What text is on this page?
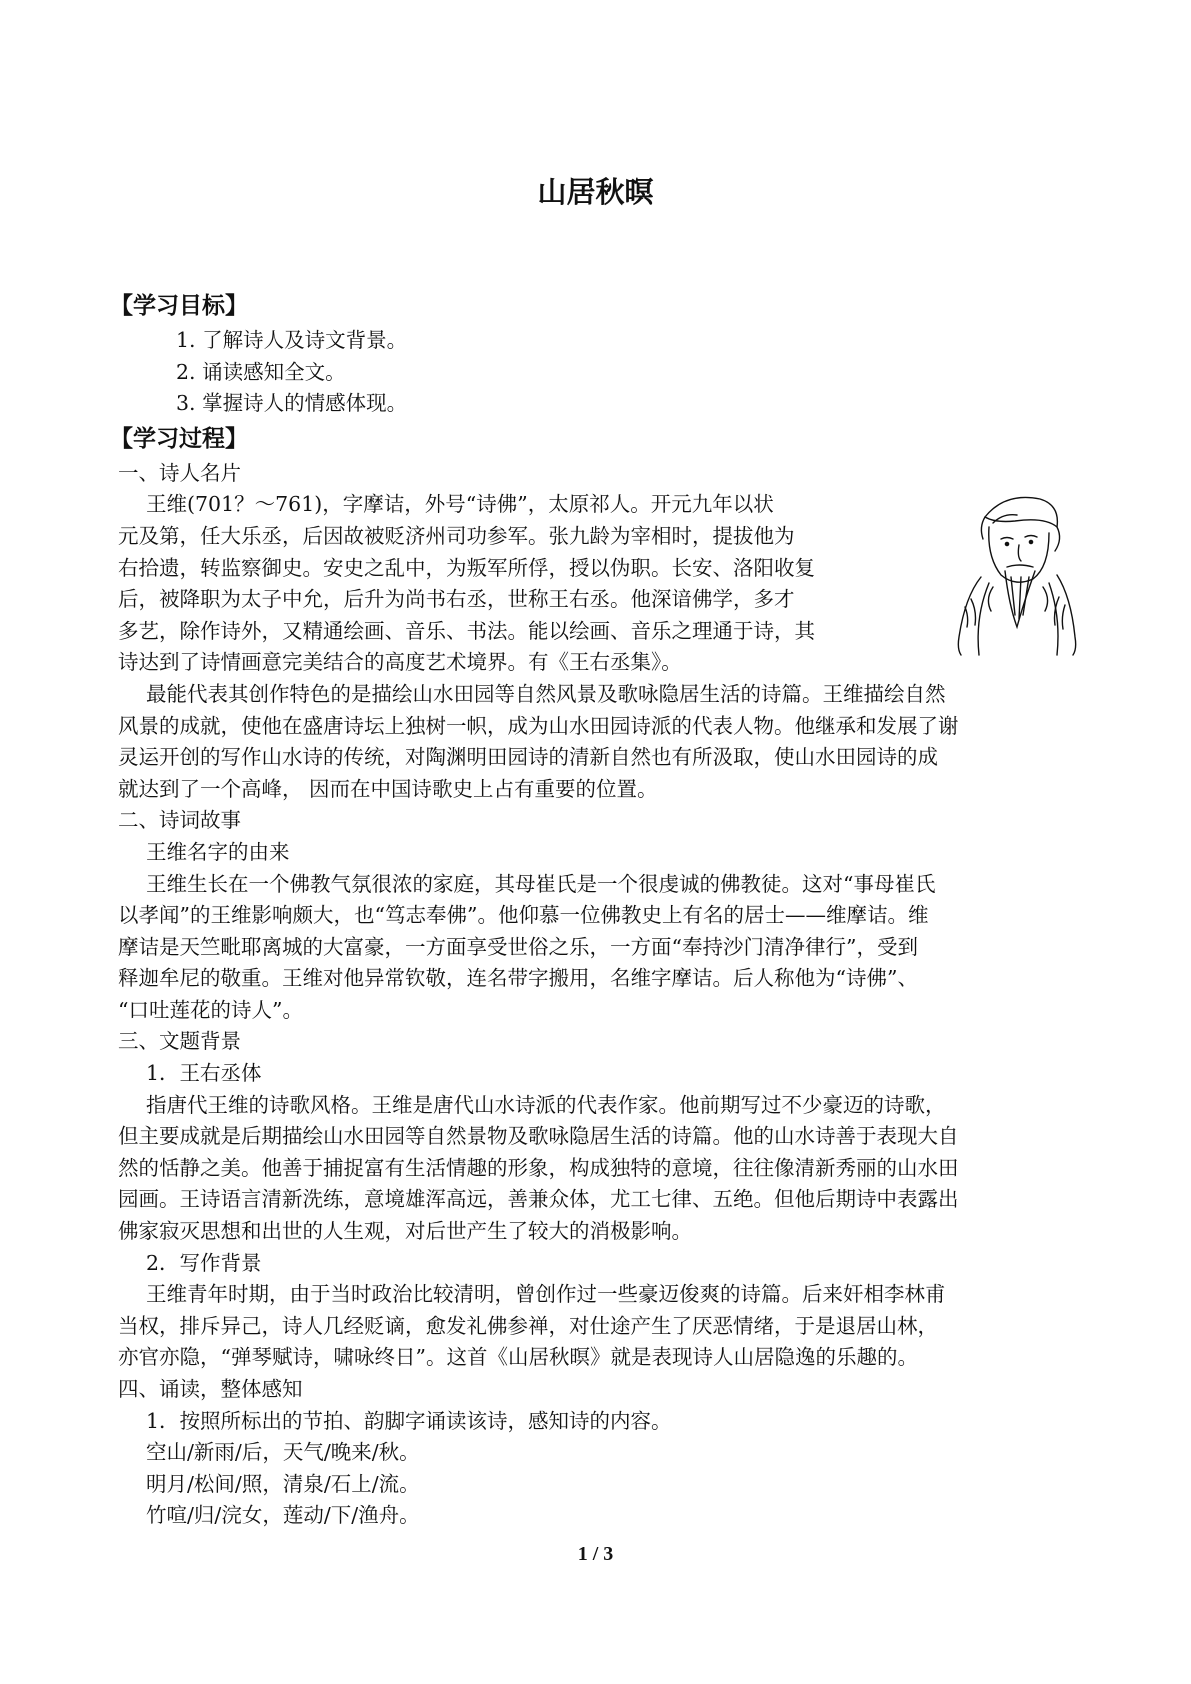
山居秋暝
【学习目标】
1. 了解诗人及诗文背景。
2. 诵读感知全文。
3. 掌握诗人的情感体现。
【学习过程】
一、诗人名片
王维(701？～761)，字摩诘，外号“诗佛”，太原祁人。开元九年以状
元及第，任大乐丞，后因故被贬济州司功参军。张九龄为宰相时，提拔他为
右拾遗，转监察御史。安史之乱中，为叛军所俘，授以伪职。长安、洛阳收复
后，被降职为太子中允，后升为尚书右丞，世称王右丞。他深谙佛学，多才
多艺，除作诗外，又精通绘画、音乐、书法。能以绘画、音乐之理通于诗，其
诗达到了诗情画意完美结合的高度艺术境界。有《王右丞集》。
最能代表其创作特色的是描绘山水田园等自然风景及歌咏隐居生活的诗篇。王维描绘自然
风景的成就，使他在盛唐诗坛上独树一帜，成为山水田园诗派的代表人物。他继承和发展了谢
灵运开创的写作山水诗的传统，对陶渊明田园诗的清新自然也有所汲取，使山水田园诗的成
就达到了一个高峰， 因而在中国诗歌史上占有重要的位置。
二、诗词故事
王维名字的由来
王维生长在一个佛教气氛很浓的家庭，其母崔氏是一个很虔诚的佛教徒。这对“事母崔氏
以孝闻”的王维影响颇大，也“笃志奉佛”。他仰慕一位佛教史上有名的居士——维摩诘。维
摩诘是天竺毗耶离城的大富豪，一方面享受世俗之乐，一方面“奉持沙门清净律行”，受到
释迦牟尼的敬重。王维对他异常钦敬，连名带字搬用，名维字摩诘。后人称他为“诗佛”、
“口吐莲花的诗人”。
三、文题背景
1．王右丞体
指唐代王维的诗歌风格。王维是唐代山水诗派的代表作家。他前期写过不少豪迈的诗歌，
但主要成就是后期描绘山水田园等自然景物及歌咏隐居生活的诗篇。他的山水诗善于表现大自
然的恬静之美。他善于捕捉富有生活情趣的形象，构成独特的意境，往往像清新秀丽的山水田
园画。王诗语言清新洗练，意境雄浑高远，善兼众体，尤工七律、五绝。但他后期诗中表露出
佛家寂灭思想和出世的人生观，对后世产生了较大的消极影响。
2．写作背景
王维青年时期，由于当时政治比较清明，曾创作过一些豪迈俊爽的诗篇。后来奸相李林甫
当权，排斥异己，诗人几经贬谪，愈发礼佛参禅，对仕途产生了厌恶情绪，于是退居山林，
亦官亦隐，“弹琴赋诗，啸咏终日”。这首《山居秋暝》就是表现诗人山居隐逸的乐趣的。
四、诵读，整体感知
1．按照所标出的节拍、韵脚字诵读该诗，感知诗的内容。
空山/新雨/后，天气/晚来/秋。
明月/松间/照，清泉/石上/流。
竹喧/归/浣女，莲动/下/渔舟。
1 / 3
